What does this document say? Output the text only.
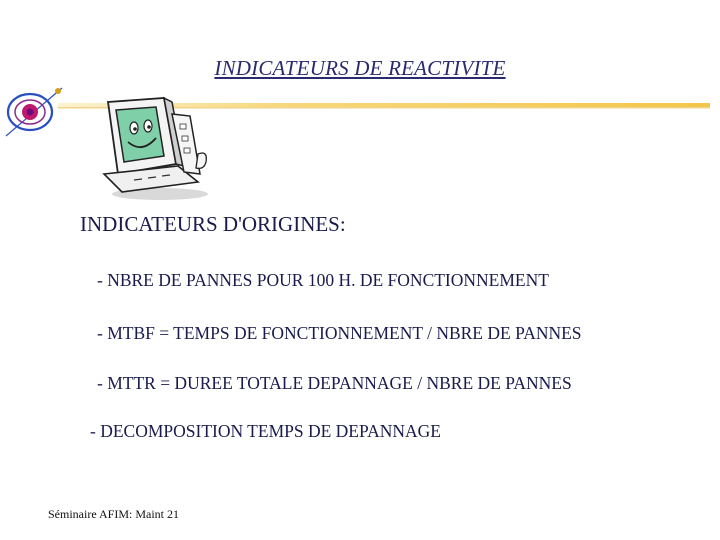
INDICATEURS DE REACTIVITE
INDICATEURS D'ORIGINES:
- NBRE DE PANNES POUR 100 H. DE FONCTIONNEMENT
- MTBF = TEMPS DE FONCTIONNEMENT / NBRE DE PANNES
- MTTR = DUREE TOTALE DEPANNAGE / NBRE DE PANNES
- DECOMPOSITION TEMPS DE DEPANNAGE
Séminaire AFIM: Maint 21
